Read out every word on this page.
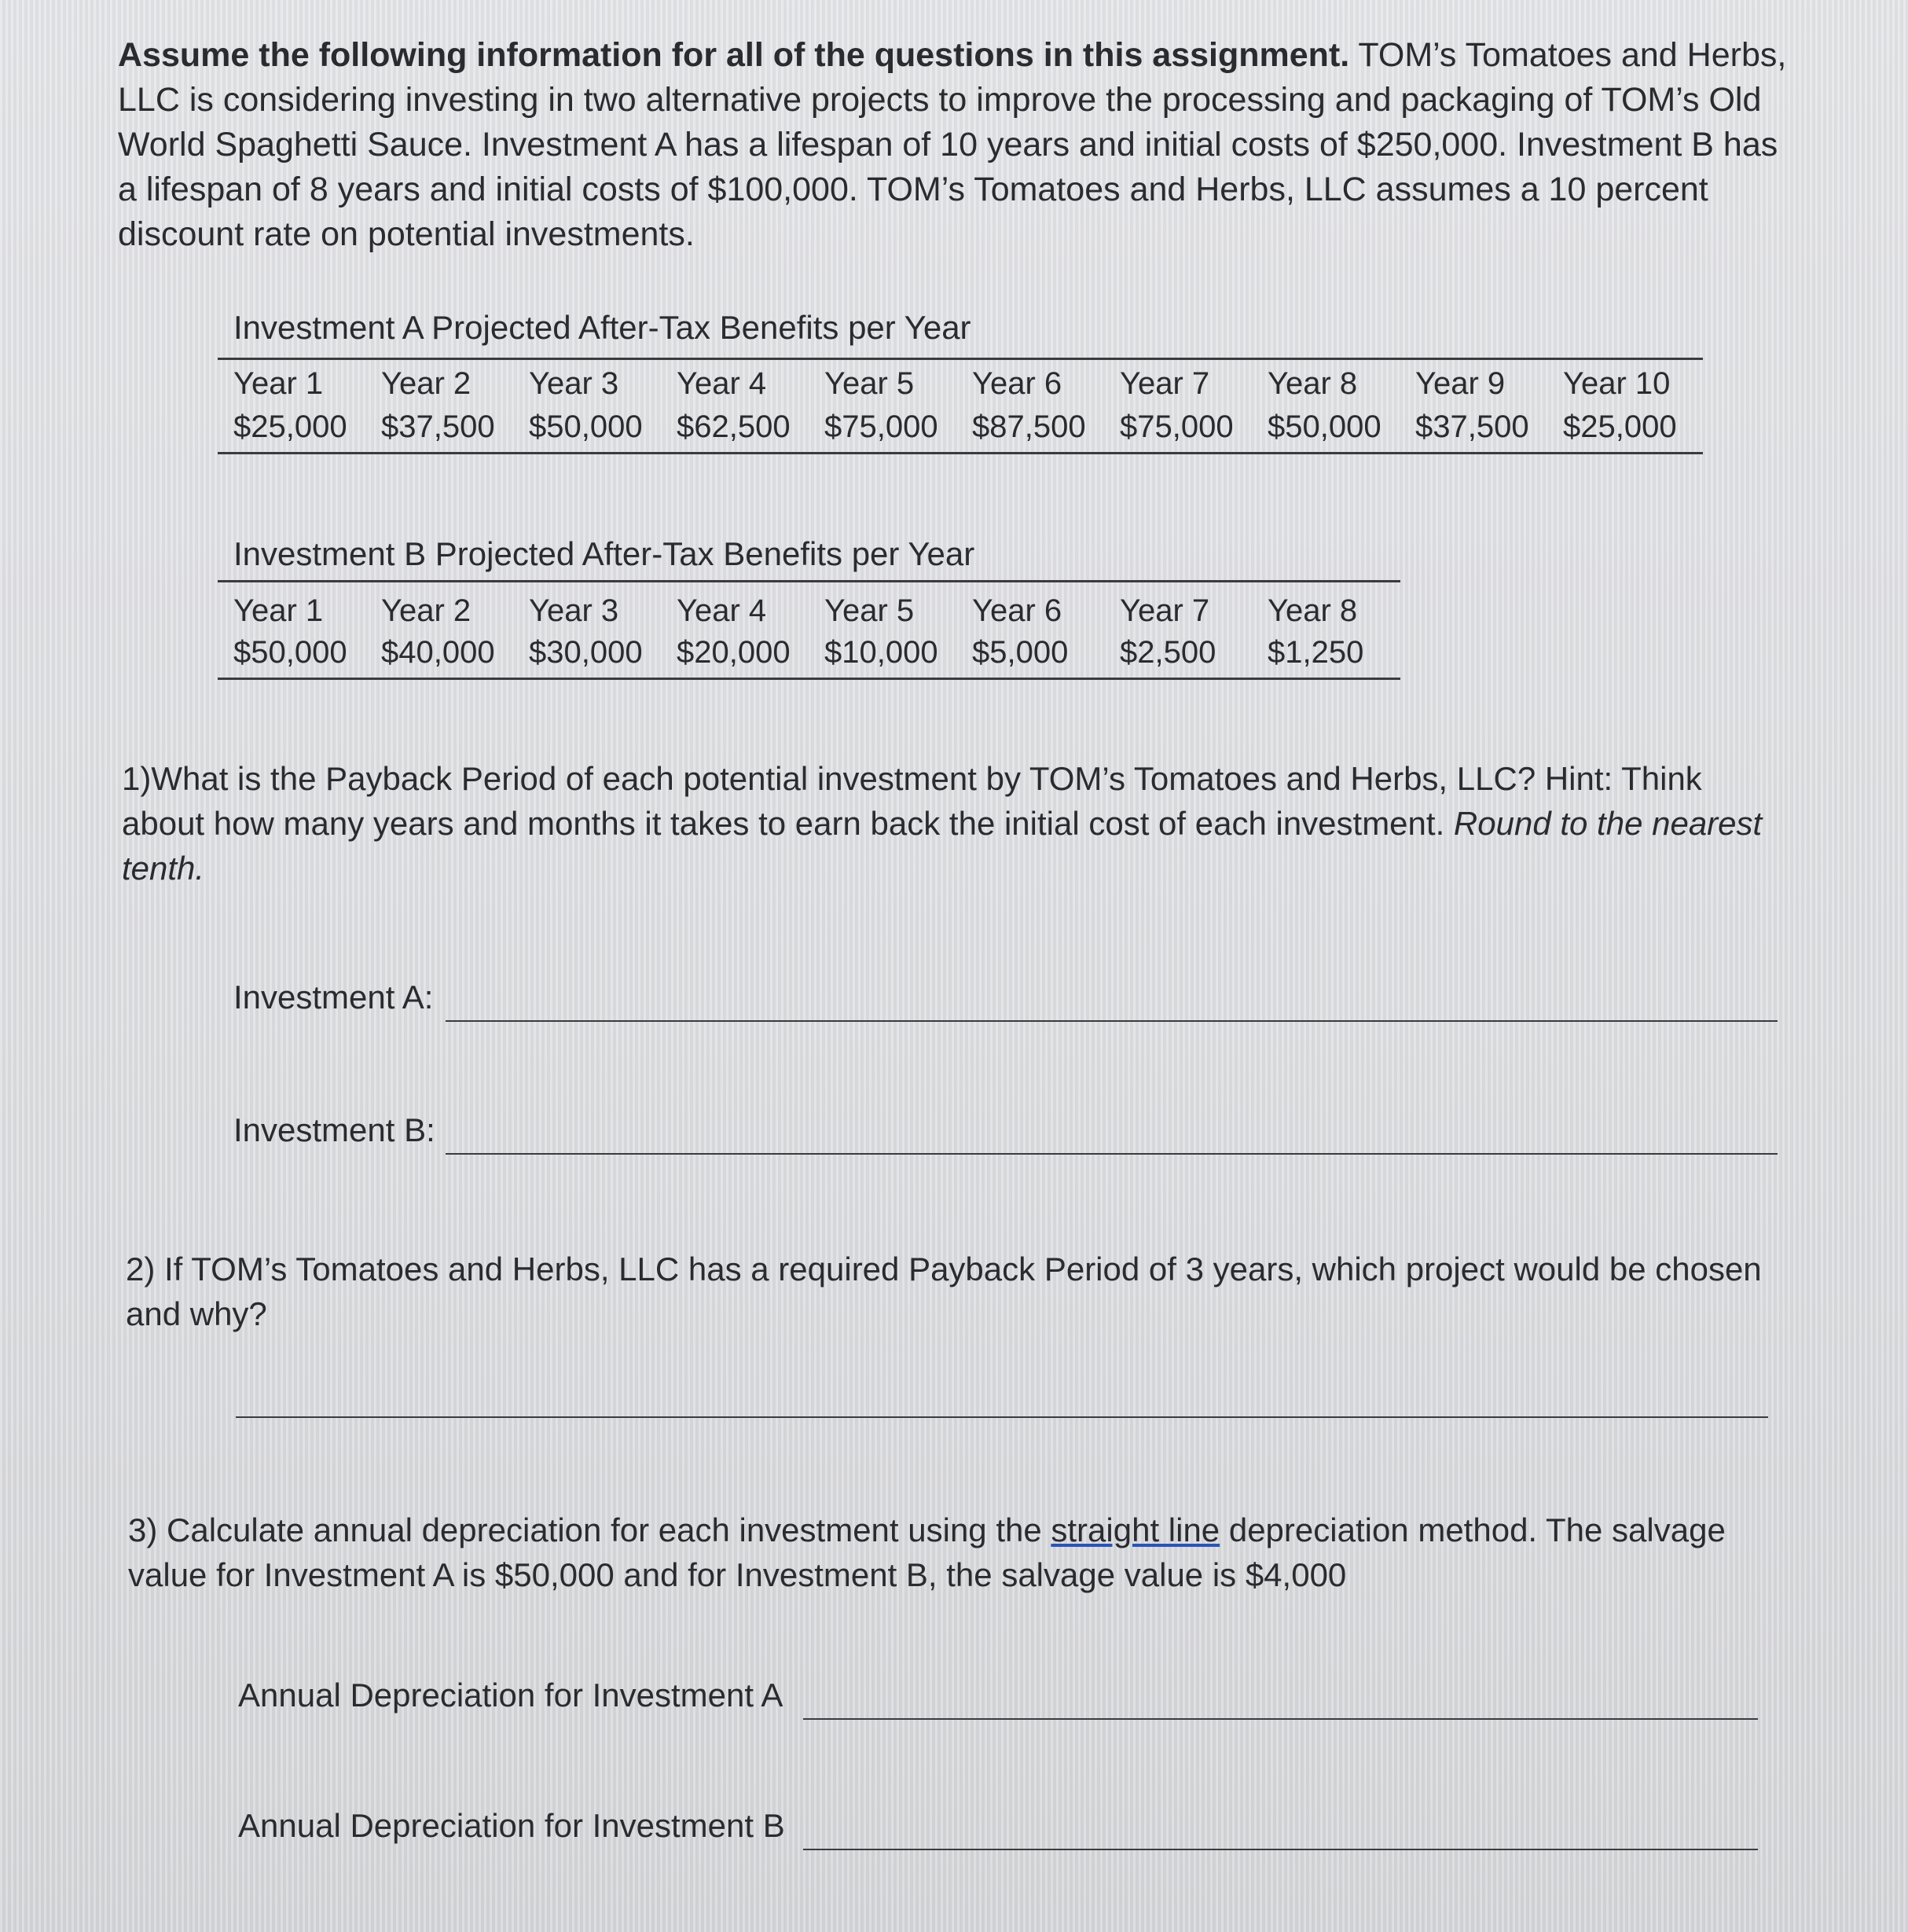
Assume the following information for all of the questions in this assignment. TOM’s Tomatoes and Herbs, LLC is considering investing in two alternative projects to improve the processing and packaging of TOM’s Old World Spaghetti Sauce. Investment A has a lifespan of 10 years and initial costs of $250,000. Investment B has a lifespan of 8 years and initial costs of $100,000. TOM’s Tomatoes and Herbs, LLC assumes a 10 percent discount rate on potential investments.
Investment A Projected After-Tax Benefits per Year
Year 1 Year 2 Year 3 Year 4 Year 5 Year 6 Year 7 Year 8 Year 9 Year 10
$25,000 $37,500 $50,000 $62,500 $75,000 $87,500 $75,000 $50,000 $37,500 $25,000
Investment B Projected After-Tax Benefits per Year
Year 1 Year 2 Year 3 Year 4 Year 5 Year 6 Year 7 Year 8
$50,000 $40,000 $30,000 $20,000 $10,000 $5,000 $2,500 $1,250
1)What is the Payback Period of each potential investment by TOM’s Tomatoes and Herbs, LLC? Hint: Think about how many years and months it takes to earn back the initial cost of each investment. Round to the nearest tenth.
Investment A:
Investment B:
2) If TOM’s Tomatoes and Herbs, LLC has a required Payback Period of 3 years, which project would be chosen and why?
3) Calculate annual depreciation for each investment using the straight line depreciation method. The salvage value for Investment A is $50,000 and for Investment B, the salvage value is $4,000
Annual Depreciation for Investment A
Annual Depreciation for Investment B
